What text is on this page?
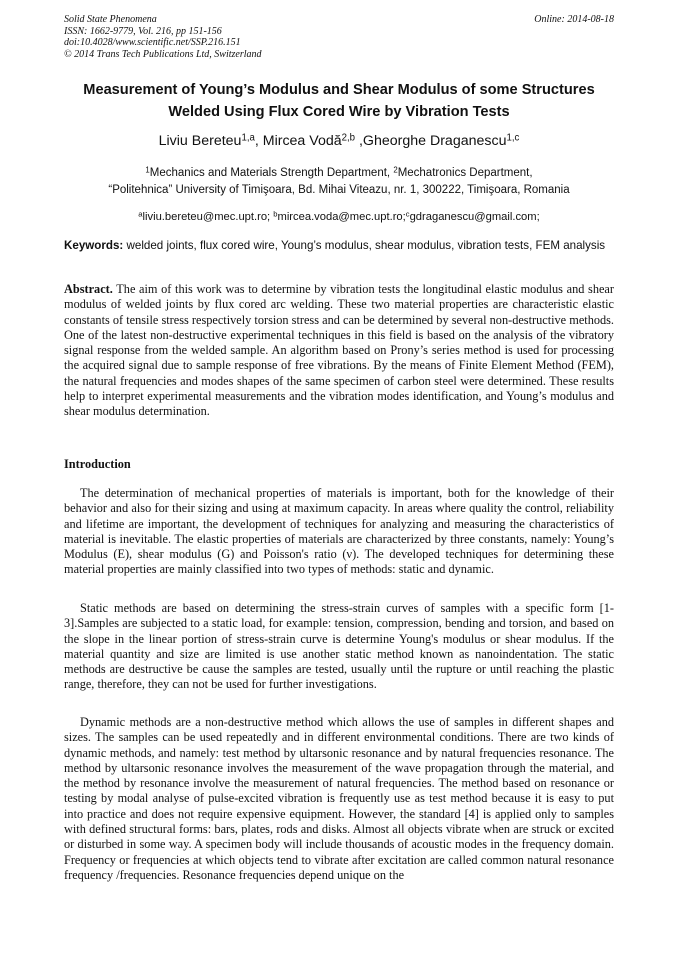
Solid State Phenomena
ISSN: 1662-9779, Vol. 216, pp 151-156
doi:10.4028/www.scientific.net/SSP.216.151
© 2014 Trans Tech Publications Ltd, Switzerland
Online: 2014-08-18
Measurement of Young’s Modulus and Shear Modulus of some Structures Welded Using Flux Cored Wire by Vibration Tests
Liviu Bereteu$^{1,a}$, Mircea Vodă$^{2,b}$ ,Gheorghe Draganescu$^{1,c}$
$^1$Mechanics and Materials Strength Department, $^2$Mechatronics Department,
“Politehnica” University of Timişoara, Bd. Mihai Viteazu, nr. 1, 300222, Timişoara, Romania
$^a$liviu.bereteu@mec.upt.ro; $^b$mircea.voda@mec.upt.ro;$^c$gdraganescu@gmail.com;
Keywords: welded joints, flux cored wire, Young’s modulus, shear modulus, vibration tests, FEM analysis

Abstract. The aim of this work was to determine by vibration tests the longitudinal elastic modulus and shear modulus of welded joints by flux cored arc welding. These two material properties are characteristic elastic constants of tensile stress respectively torsion stress and can be determined by several non-destructive methods. One of the latest non-destructive experimental techniques in this field is based on the analysis of the vibratory signal response from the welded sample. An algorithm based on Prony’s series method is used for processing the acquired signal due to sample response of free vibrations. By the means of Finite Element Method (FEM), the natural frequencies and modes shapes of the same specimen of carbon steel were determined. These results help to interpret experimental measurements and the vibration modes identification, and Young’s modulus and shear modulus determination.

Introduction

The determination of mechanical properties of materials is important, both for the knowledge of their behavior and also for their sizing and using at maximum capacity. In areas where quality the control, reliability and lifetime are important, the development of techniques for analyzing and measuring the characteristics of material is inevitable. The elastic properties of materials are characterized by three constants, namely: Young’s Modulus (E), shear modulus (G) and Poisson's ratio (ν). The developed techniques for determining these material properties are mainly classified into two types of methods: static and dynamic.

Static methods are based on determining the stress-strain curves of samples with a specific form [1-3].Samples are subjected to a static load, for example: tension, compression, bending and torsion, and based on the slope in the linear portion of stress-strain curve is determine Young's modulus or shear modulus. If the material quantity and size are limited is use another static method known as nanoindentation. The static methods are destructive be cause the samples are tested, usually until the rupture or until reaching the plastic range, therefore, they can not be used for further investigations.

Dynamic methods are a non-destructive method which allows the use of samples in different shapes and sizes. The samples can be used repeatedly and in different environmental conditions. There are two kinds of dynamic methods, and namely: test method by ultarsonic resonance and by natural frequencies resonance. The method by ultarsonic resonance involves the measurement of the wave propagation through the material, and the method by resonance involve the measurement of natural frequencies. The method based on resonance or testing by modal analyse of pulse-excited vibration is frequently use as test method because it is easy to put into practice and does not require expensive equipment. However, the standard [4] is applied only to samples with defined structural forms: bars, plates, rods and disks. Almost all objects vibrate when are struck or excited or disturbed in some way. A specimen body will include thousands of acoustic modes in the frequency domain. Frequency or frequencies at which objects tend to vibrate after excitation are called common natural resonance frequency /frequencies. Resonance frequencies depend unique on the
